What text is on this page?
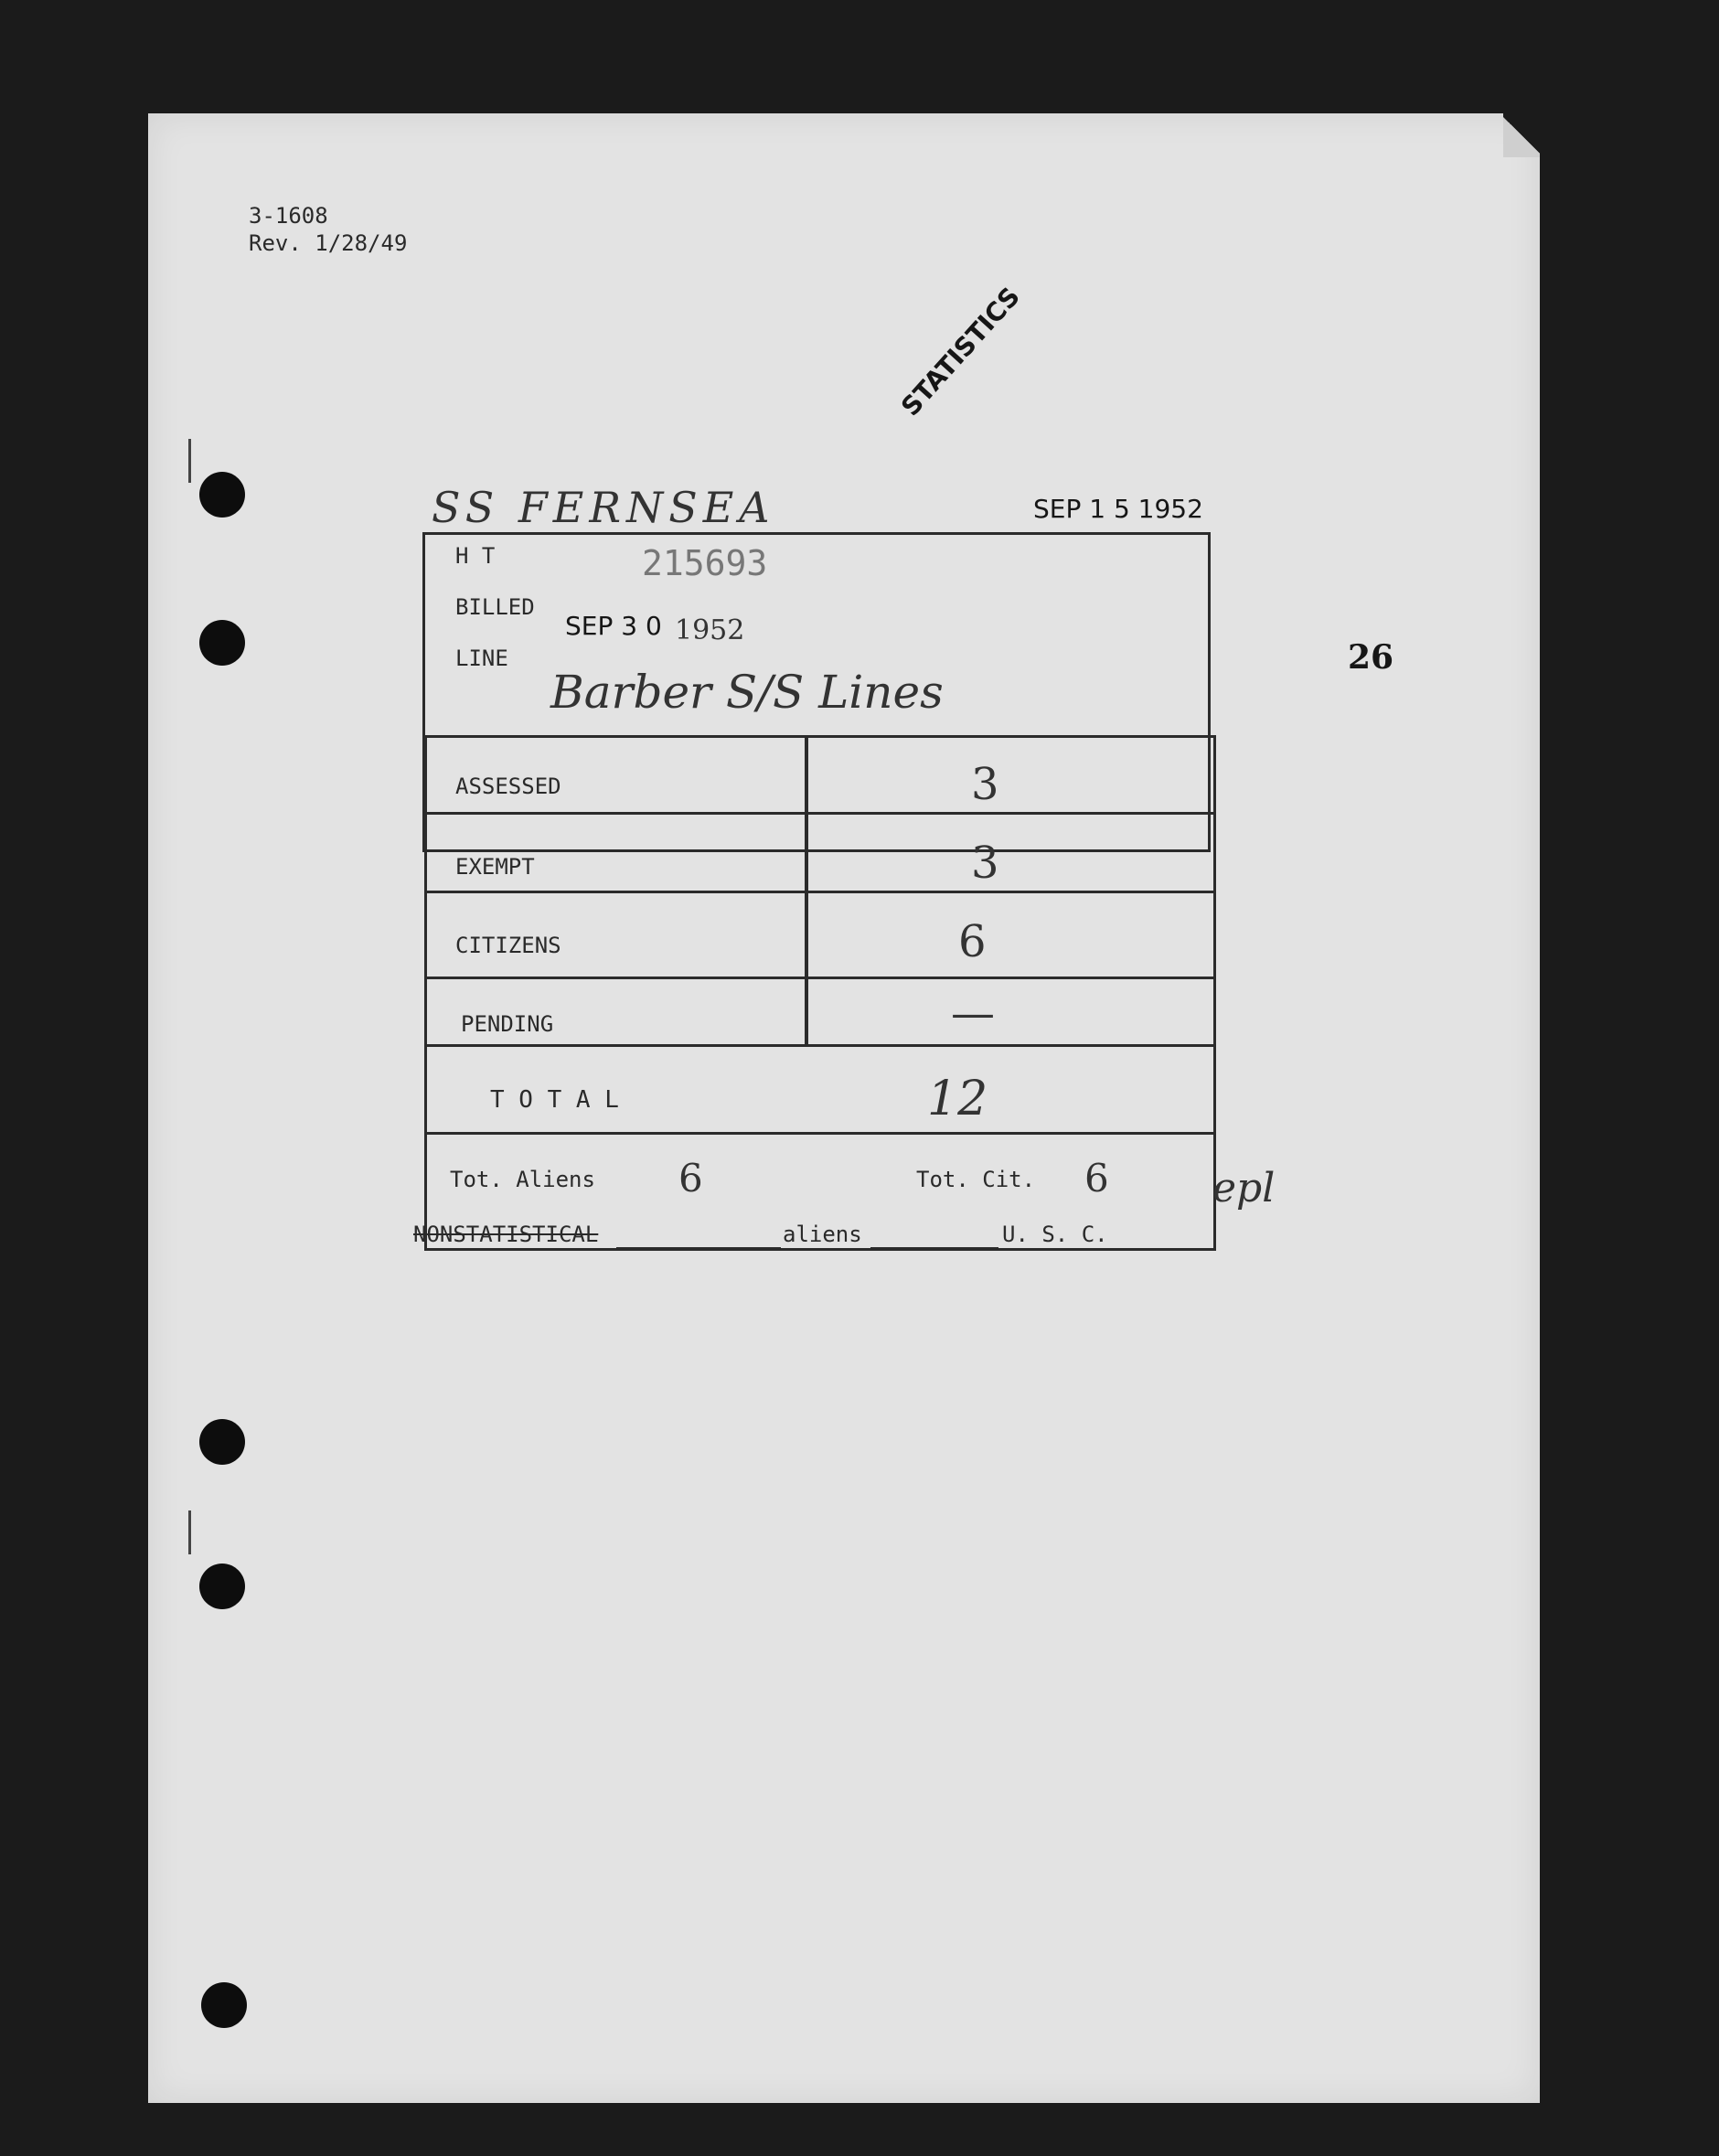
3-1608
Rev. 1/28/49
STATISTICS
SS FERNSEA	SEP 1 5 1952
26
H T	215693
BILLED
SEP 3 0 1952
LINE
Barber S/S Lines
ASSESSED	3
EXEMPT	3
CITIZENS	6
PENDING	—
T O T A L	12
Tot. Aliens 6	Tot. Cit. 6	epl
NONSTATISTICAL	aliens	U. S. C.
